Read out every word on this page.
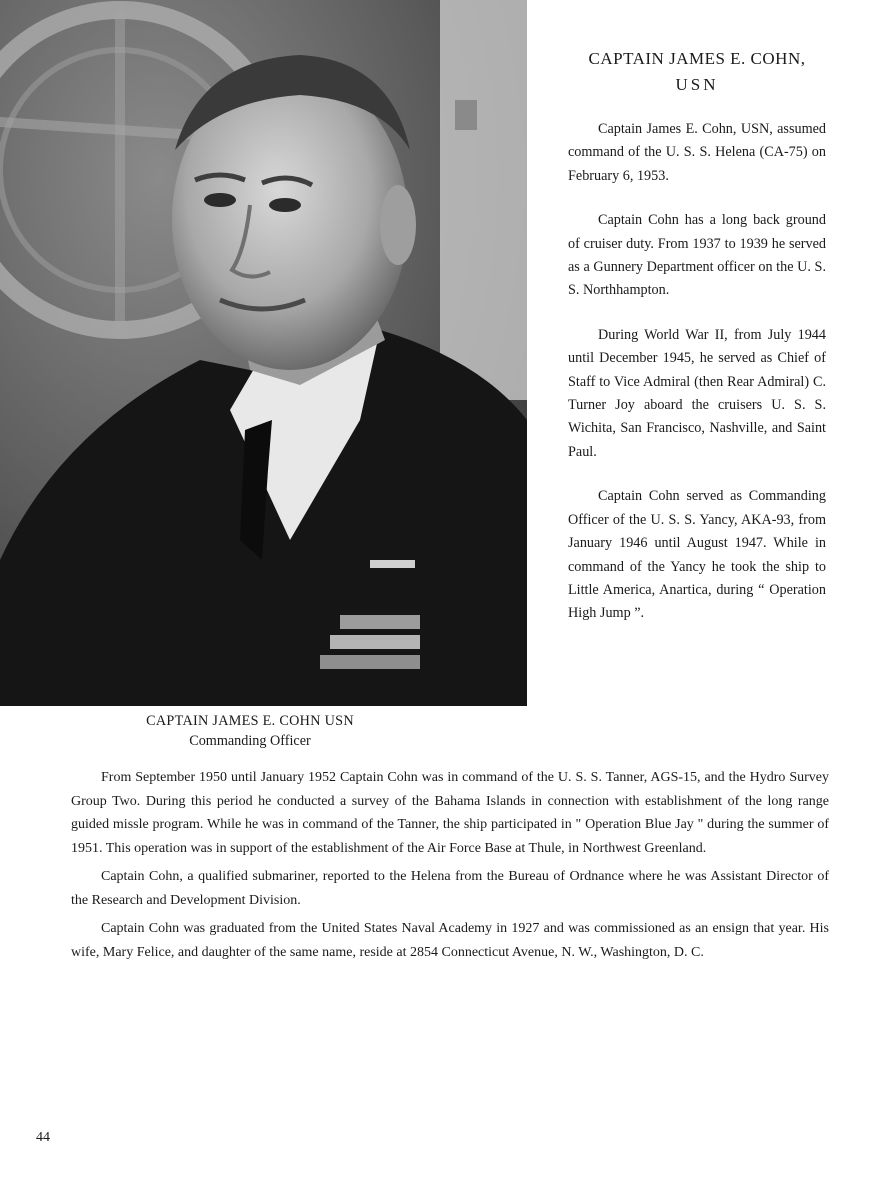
CAPTAIN JAMES E. COHN,
USN

Captain James E. Cohn, USN, assumed command of the U. S. S. Helena (CA-75) on February 6, 1953.

Captain Cohn has a long back ground of cruiser duty. From 1937 to 1939 he served as a Gunnery Department officer on the U. S. S. Northhampton.

During World War II, from July 1944 until December 1945, he served as Chief of Staff to Vice Admiral (then Rear Admiral) C. Turner Joy aboard the cruisers U. S. S. Wichita, San Francisco, Nashville, and Saint Paul.

Captain Cohn served as Commanding Officer of the U. S. S. Yancy, AKA-93, from January 1946 until August 1947. While in command of the Yancy he took the ship to Little America, Anartica, during “ Operation High Jump ”.

CAPTAIN JAMES E. COHN USN
Commanding Officer

From September 1950 until January 1952 Captain Cohn was in command of the U. S. S. Tanner, AGS-15, and the Hydro Survey Group Two. During this period he conducted a survey of the Bahama Islands in connection with establishment of the long range guided missle program. While he was in command of the Tanner, the ship participated in " Operation Blue Jay " during the summer of 1951. This operation was in support of the establishment of the Air Force Base at Thule, in Northwest Greenland.

Captain Cohn, a qualified submariner, reported to the Helena from the Bureau of Ordnance where he was Assistant Director of the Research and Development Division.

Captain Cohn was graduated from the United States Naval Academy in 1927 and was commissioned as an ensign that year. His wife, Mary Felice, and daughter of the same name, reside at 2854 Connecticut Avenue, N. W., Washington, D. C.

44
